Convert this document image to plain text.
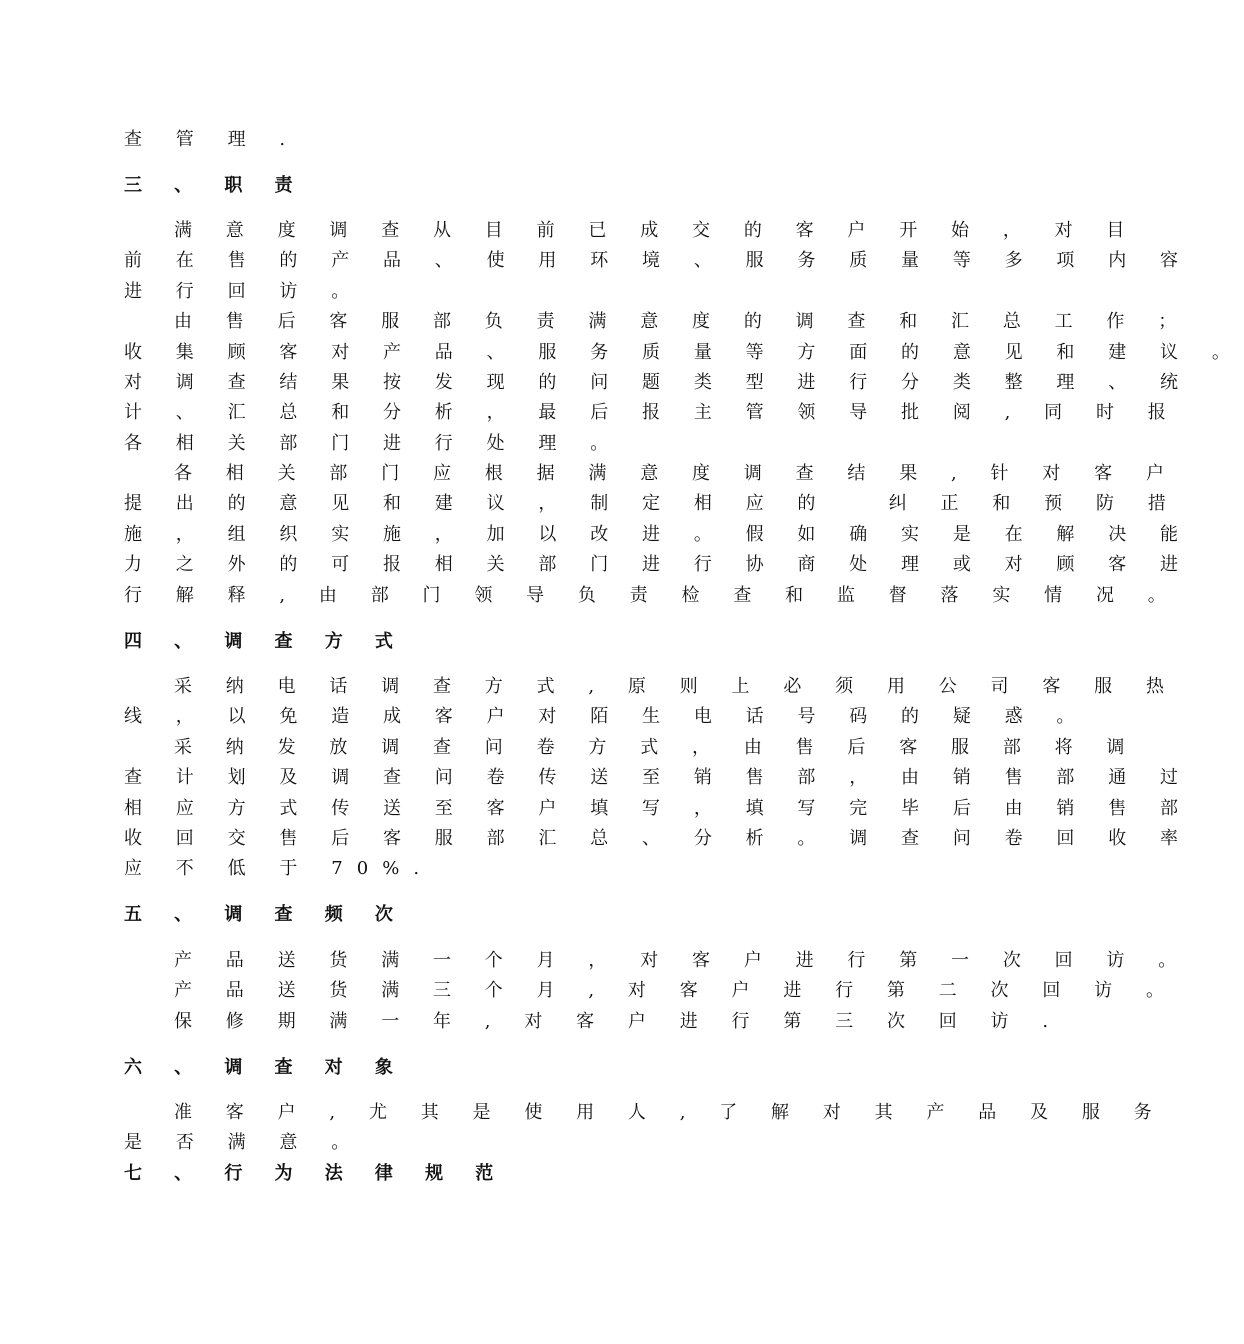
查 管 理 .
三 、 职 责
满 意 度 调 查 从 目 前 已 成 交 的 客 户 开 始 ， 对 目
前 在 售 的 产 品 、 使 用 环 境 、 服 务 质 量 等 多 项 内 容
进 行 回 访 。
由 售 后 客 服 部 负 责 满 意 度 的 调 查 和 汇 总 工 作 ；
收 集 顾 客 对 产 品 、 服 务 质 量 等 方 面 的 意 见 和 建 议 。
对 调 查 结 果 按 发 现 的 问 题 类 型 进 行 分 类 整 理 、 统
计 、 汇 总 和 分 析 ， 最 后 报 主 管 领 导 批 阅 , 同 时 报
各 相 关 部 门 进 行 处 理 。
各 相 关 部 门 应 根 据 满 意 度 调 查 结 果 , 针 对 客 户
提 出 的 意 见 和 建 议 ， 制 定 相 应 的   纠 正 和 预 防 措
施 ， 组 织 实 施 ， 加 以 改 进 。 假 如 确 实 是 在 解 决 能
力 之 外 的 可 报 相 关 部 门 进 行 协 商 处 理 或 对 顾 客 进
行 解 释 , 由 部 门 领 导 负 责 检 查 和 监 督 落 实 情 况 。
四 、 调 查 方 式
采 纳 电 话 调 查 方 式 , 原 则 上 必 须 用 公 司 客 服 热
线 ， 以 免 造 成 客 户 对 陌 生 电 话 号 码 的 疑 惑 。
采 纳 发 放 调 查 问 卷 方 式 ， 由 售 后 客 服 部 将 调
查 计 划 及 调 查 问 卷 传 送 至 销 售 部 ， 由 销 售 部 通 过
相 应 方 式 传 送 至 客 户 填 写 ， 填 写 完 毕 后 由 销 售 部
收 回 交 售 后 客 服 部 汇 总 、 分 析 。 调 查 问 卷 回 收 率
应 不 低 于 70%.
五 、 调 查 频 次
产 品 送 货 满 一 个 月 ， 对 客 户 进 行 第 一 次 回 访 。
产 品 送 货 满 三 个 月 , 对 客 户 进 行 第 二 次 回 访 。
保 修 期 满 一 年 , 对 客 户 进 行 第 三 次 回 访 .
六 、 调 查 对 象
准 客 户 , 尤 其 是 使 用 人 , 了 解 对 其 产 品 及 服 务
是 否 满 意 。
七 、 行 为 法 律 规 范
